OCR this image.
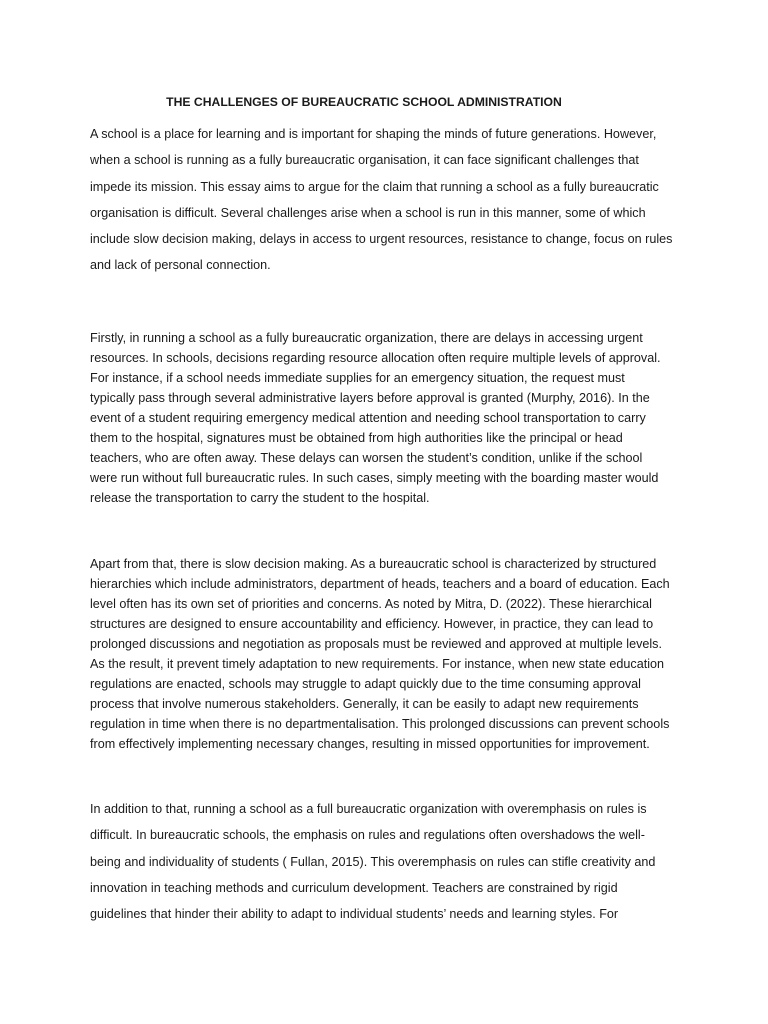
THE CHALLENGES OF BUREAUCRATIC SCHOOL ADMINISTRATION
A school is a place for learning and is important for shaping the minds of future generations. However,
when a school is running as a fully bureaucratic organisation, it can face significant challenges that
impede its mission. This essay aims to argue for the claim that running a school as a fully bureaucratic
organisation is difficult. Several challenges arise when a school is run in this manner, some of which
include slow decision making, delays in access to urgent resources, resistance to change, focus on rules
and lack of personal connection.
Firstly, in running a school as a fully bureaucratic organization, there are delays in accessing urgent
resources. In schools, decisions regarding resource allocation often require multiple levels of approval.
For instance, if a school needs immediate supplies for an emergency situation, the request must
typically pass through several administrative layers before approval is granted (Murphy, 2016). In the
event of a student requiring emergency medical attention and needing school transportation to carry
them to the hospital, signatures must be obtained from high authorities like the principal or head
teachers, who are often away. These delays can worsen the student’s condition, unlike if the school
were run without full bureaucratic rules. In such cases, simply meeting with the boarding master would
release the transportation to carry the student to the hospital.
Apart from that, there is slow decision making. As a bureaucratic school is characterized by structured
hierarchies which include administrators, department of heads, teachers and a board of education. Each
level often has its own set of priorities and concerns. As noted by Mitra, D. (2022). These hierarchical
structures are designed to ensure accountability and efficiency. However, in practice, they can lead to
prolonged discussions and negotiation as proposals must be reviewed and approved at multiple levels.
As the result, it prevent timely adaptation to new requirements. For instance, when new state education
regulations are enacted, schools may struggle to adapt quickly due to the time consuming approval
process that involve numerous stakeholders. Generally, it can be easily to adapt new requirements
regulation in time when there is no departmentalisation. This prolonged discussions can prevent schools
from effectively implementing necessary changes, resulting in missed opportunities for improvement.
In addition to that, running a school as a full bureaucratic organization with overemphasis on rules is
difficult. In bureaucratic schools, the emphasis on rules and regulations often overshadows the well-
being and individuality of students ( Fullan, 2015). This overemphasis on rules can stifle creativity and
innovation in teaching methods and curriculum development. Teachers are constrained by rigid
guidelines that hinder their ability to adapt to individual students’ needs and learning styles. For
